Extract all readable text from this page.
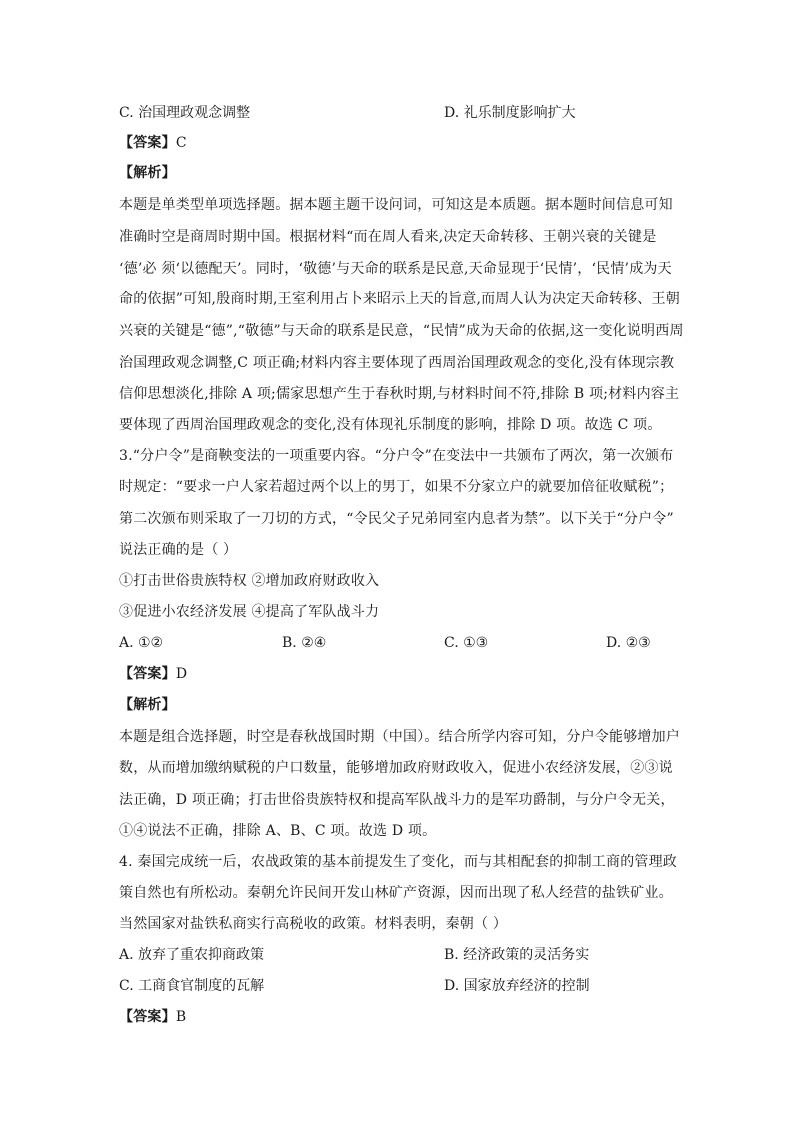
C. 治国理政观念调整	D. 礼乐制度影响扩大
【答案】C
【解析】
本题是单类型单项选择题。据本题主题干设问词，可知这是本质题。据本题时间信息可知
准确时空是商周时期中国。根据材料“而在周人看来,决定天命转移、王朝兴衰的关键是
‘德’必 须‘以德配天’。同时，‘敬德’与天命的联系是民意,天命显现于‘民情’，‘民情’成为天
命的依据”可知,殷商时期,王室利用占卜来昭示上天的旨意,而周人认为决定天命转移、王朝
兴衰的关键是“德”,“敬德”与天命的联系是民意，“民情”成为天命的依据,这一变化说明西周
治国理政观念调整,C 项正确;材料内容主要体现了西周治国理政观念的变化,没有体现宗教
信仰思想淡化,排除 A 项;儒家思想产生于春秋时期,与材料时间不符,排除 B 项;材料内容主
要体现了西周治国理政观念的变化,没有体现礼乐制度的影响，排除 D 项。故选 C 项。
3.“分户令”是商鞅变法的一项重要内容。“分户令”在变法中一共颁布了两次，第一次颁布
时规定：“要求一户人家若超过两个以上的男丁，如果不分家立户的就要加倍征收赋税”；
第二次颁布则采取了一刀切的方式，“令民父子兄弟同室内息者为禁”。以下关于“分户令”
说法正确的是（ ）
①打击世俗贵族特权 ②增加政府财政收入
③促进小农经济发展 ④提高了军队战斗力
A. ①②	B. ②④	C. ①③	D. ②③
【答案】D
【解析】
本题是组合选择题，时空是春秋战国时期（中国）。结合所学内容可知，分户令能够增加户
数，从而增加缴纳赋税的户口数量，能够增加政府财政收入，促进小农经济发展，②③说
法正确，D 项正确；打击世俗贵族特权和提高军队战斗力的是军功爵制，与分户令无关，
①④说法不正确，排除 A、B、C 项。故选 D 项。
4. 秦国完成统一后，农战政策的基本前提发生了变化，而与其相配套的抑制工商的管理政
策自然也有所松动。秦朝允许民间开发山林矿产资源，因而出现了私人经营的盐铁矿业。
当然国家对盐铁私商实行高税收的政策。材料表明，秦朝（ ）
A. 放弃了重农抑商政策	B. 经济政策的灵活务实
C. 工商食官制度的瓦解	D. 国家放弃经济的控制
【答案】B
